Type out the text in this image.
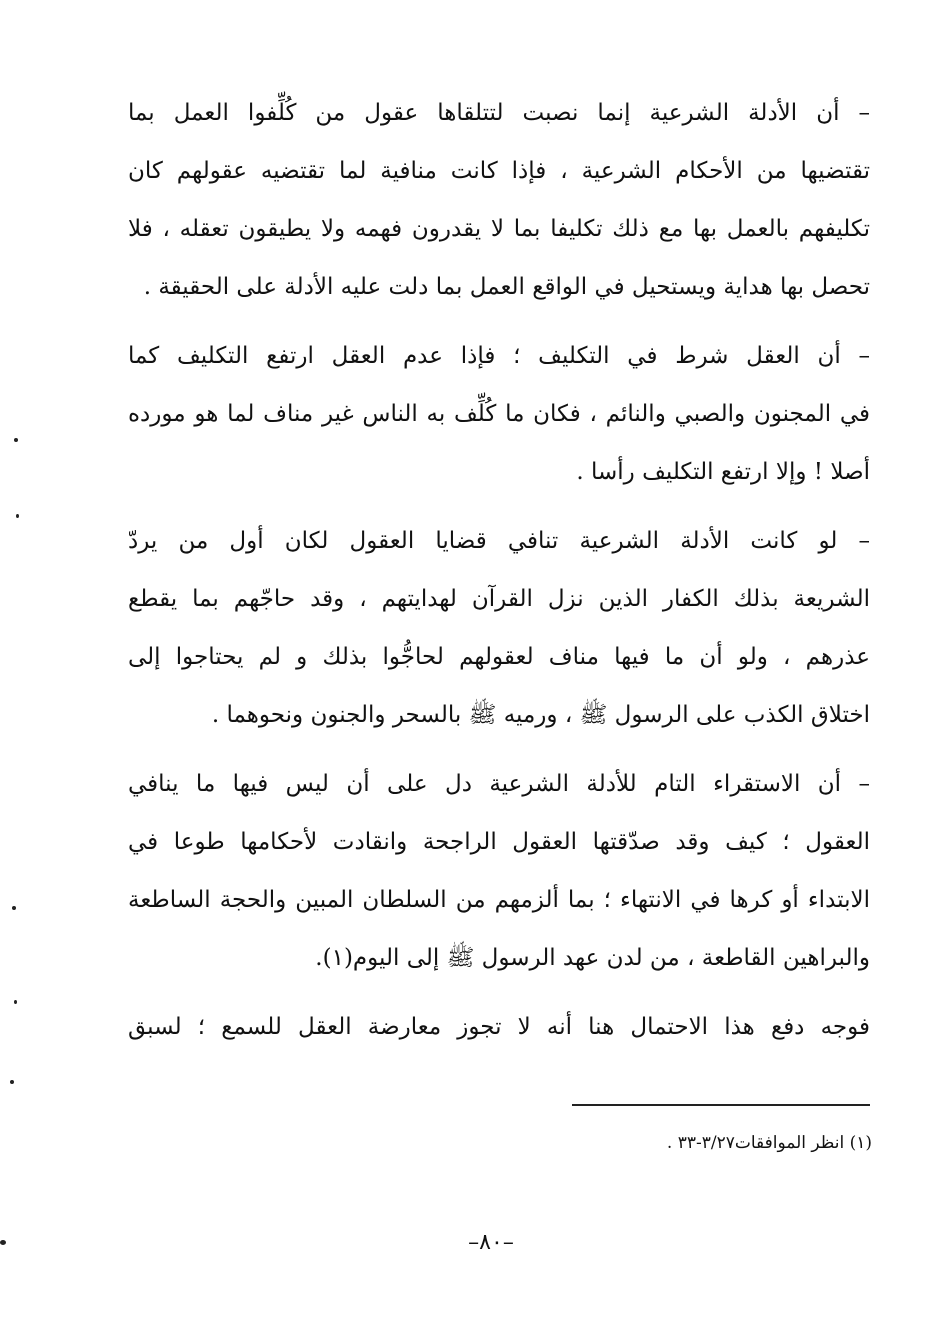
– أن الأدلة الشرعية إنما نصبت لتتلقاها عقول من كُلِّفوا العمل بما
تقتضيها من الأحكام الشرعية ، فإذا كانت منافية لما تقتضيه عقولهم كان
تكليفهم بالعمل بها مع ذلك تكليفا بما لا يقدرون فهمه ولا يطيقون تعقله ، فلا
تحصل بها هداية ويستحيل في الواقع العمل بما دلت عليه الأدلة على الحقيقة .
– أن العقل شرط في التكليف ؛ فإذا عدم العقل ارتفع التكليف كما
في المجنون والصبي والنائم ، فكان ما كُلِّف به الناس غير مناف لما هو مورده
أصلا ! وإلا ارتفع التكليف رأسا .
– لو كانت الأدلة الشرعية تنافي قضايا العقول لكان أول من يردّ
الشريعة بذلك الكفار الذين نزل القرآن لهدايتهم ، وقد حاجّهم بما يقطع
عذرهم ، ولو أن ما فيها مناف لعقولهم لحاجُّوا بذلك و لم يحتاجوا إلى
اختلاق الكذب على الرسول ﷺ ، ورميه ﷺ بالسحر والجنون ونحوهما .
– أن الاستقراء التام للأدلة الشرعية دل على أن ليس فيها ما ينافي
العقول ؛ كيف وقد صدّقتها العقول الراجحة وانقادت لأحكامها طوعا في
الابتداء أو كرها في الانتهاء ؛ بما ألزمهم من السلطان المبين والحجة الساطعة
والبراهين القاطعة ، من لدن عهد الرسول ﷺ إلى اليوم(١).
فوجه دفع هذا الاحتمال هنا أنه لا تجوز معارضة العقل للسمع ؛ لسبق
(١) انظر الموافقات٣/٢٧-٣٣ .
–٨٠–
